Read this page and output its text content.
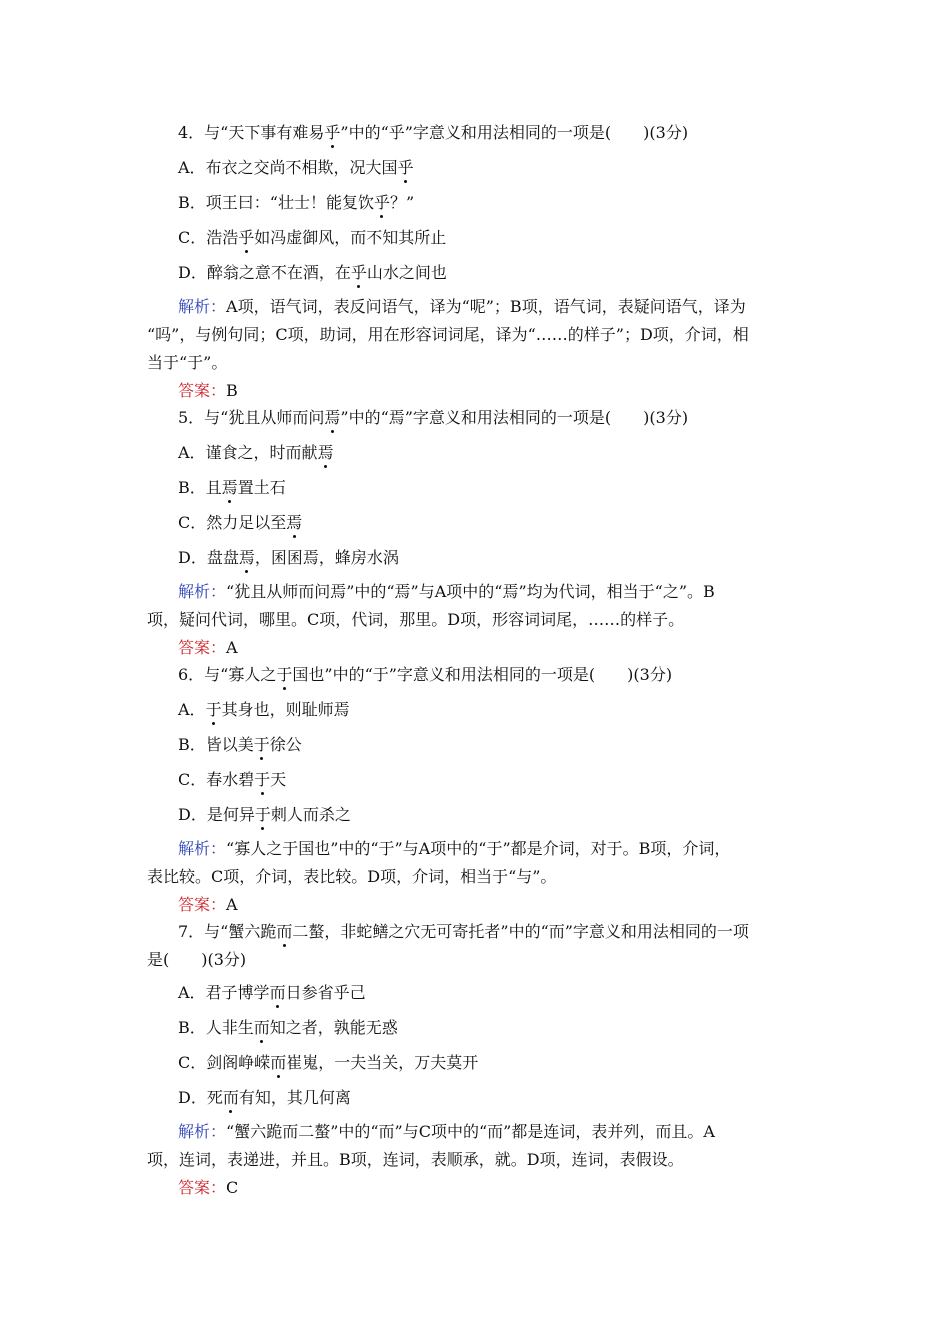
4．与“天下事有难易乎”中的“乎”字意义和用法相同的一项是(　　)(3分)
A．布衣之交尚不相欺，况大国乎
B．项王曰：“壮士！能复饮乎？”
C．浩浩乎如冯虚御风，而不知其所止
D．醉翁之意不在酒，在乎山水之间也
解析：A项，语气词，表反问语气，译为“呢”；B项，语气词，表疑问语气，译为
“吗”，与例句同；C项，助词，用在形容词词尾，译为“……的样子”；D项，介词，相
当于“于”。
答案：B
5．与“犹且从师而问焉”中的“焉”字意义和用法相同的一项是(　　)(3分)
A．谨食之，时而献焉
B．且焉置土石
C．然力足以至焉
D．盘盘焉，囷囷焉，蜂房水涡
解析：“犹且从师而问焉”中的“焉”与A项中的“焉”均为代词，相当于“之”。B
项，疑问代词，哪里。C项，代词，那里。D项，形容词词尾，……的样子。
答案：A
6．与“寡人之于国也”中的“于”字意义和用法相同的一项是(　　)(3分)
A．于其身也，则耻师焉
B．皆以美于徐公
C．春水碧于天
D．是何异于刺人而杀之
解析：“寡人之于国也”中的“于”与A项中的“于”都是介词，对于。B项，介词，
表比较。C项，介词，表比较。D项，介词，相当于“与”。
答案：A
7．与“蟹六跪而二螯，非蛇鳝之穴无可寄托者”中的“而”字意义和用法相同的一项
是(　　)(3分)
A．君子博学而日参省乎己
B．人非生而知之者，孰能无惑
C．剑阁峥嵘而崔嵬，一夫当关，万夫莫开
D．死而有知，其几何离
解析：“蟹六跪而二螯”中的“而”与C项中的“而”都是连词，表并列，而且。A
项，连词，表递进，并且。B项，连词，表顺承，就。D项，连词，表假设。
答案：C
